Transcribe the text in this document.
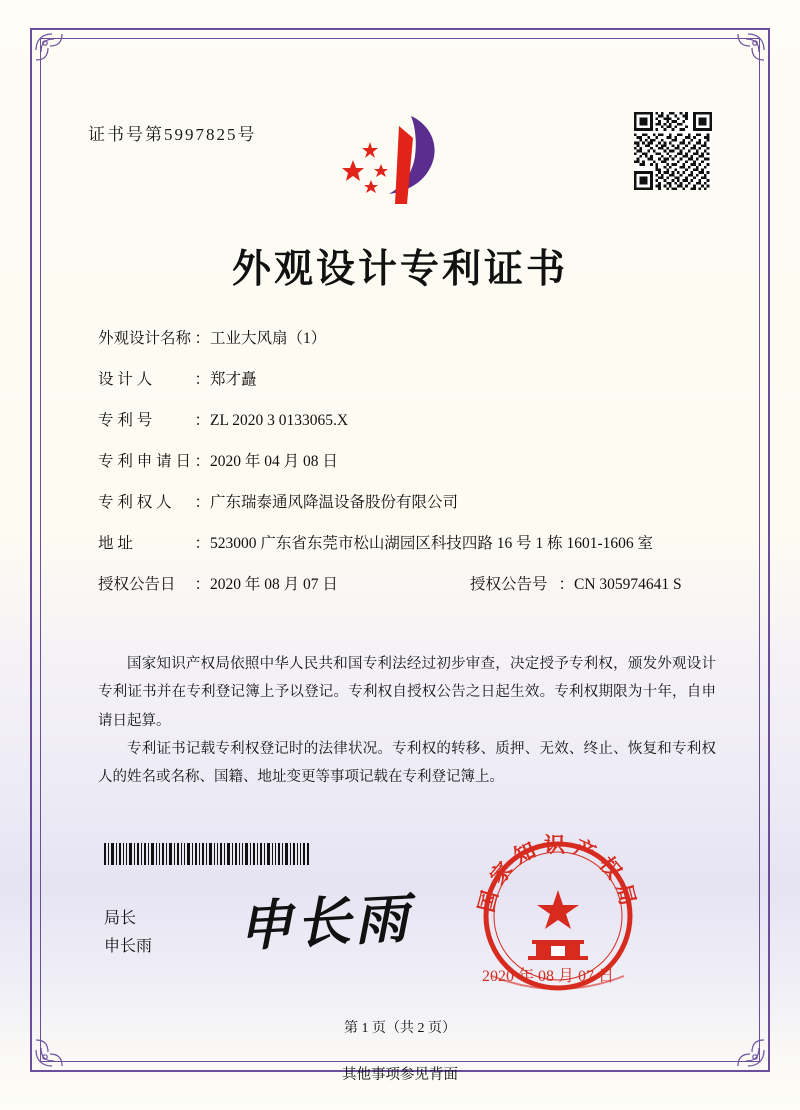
证书号第5997825号
外观设计专利证书
外观设计名称 ： 工业大风扇（1）
设 计 人	： 郑才矗
专 利 号	： ZL 2020 3 0133065.X
专 利 申 请 日 ： 2020 年 04 月 08 日
专 利 权 人 ： 广东瑞泰通风降温设备股份有限公司
地 址	： 523000 广东省东莞市松山湖园区科技四路 16 号 1 栋 1601-1606 室
授权公告日 ： 2020 年 08 月 07 日	授权公告号 ： CN 305974641 S

国家知识产权局依照中华人民共和国专利法经过初步审查，决定授予专利权，颁发外观设计专利证书并在专利登记簿上予以登记。专利权自授权公告之日起生效。专利权期限为十年，自申请日起算。

专利证书记载专利权登记时的法律状况。专利权的转移、质押、无效、终止、恢复和专利权人的姓名或名称、国籍、地址变更等事项记载在专利登记簿上。

局长
申长雨 申长雨	国家知识产权局
2020 年 08 月 07 日
第 1 页（共 2 页）
其他事项参见背面
